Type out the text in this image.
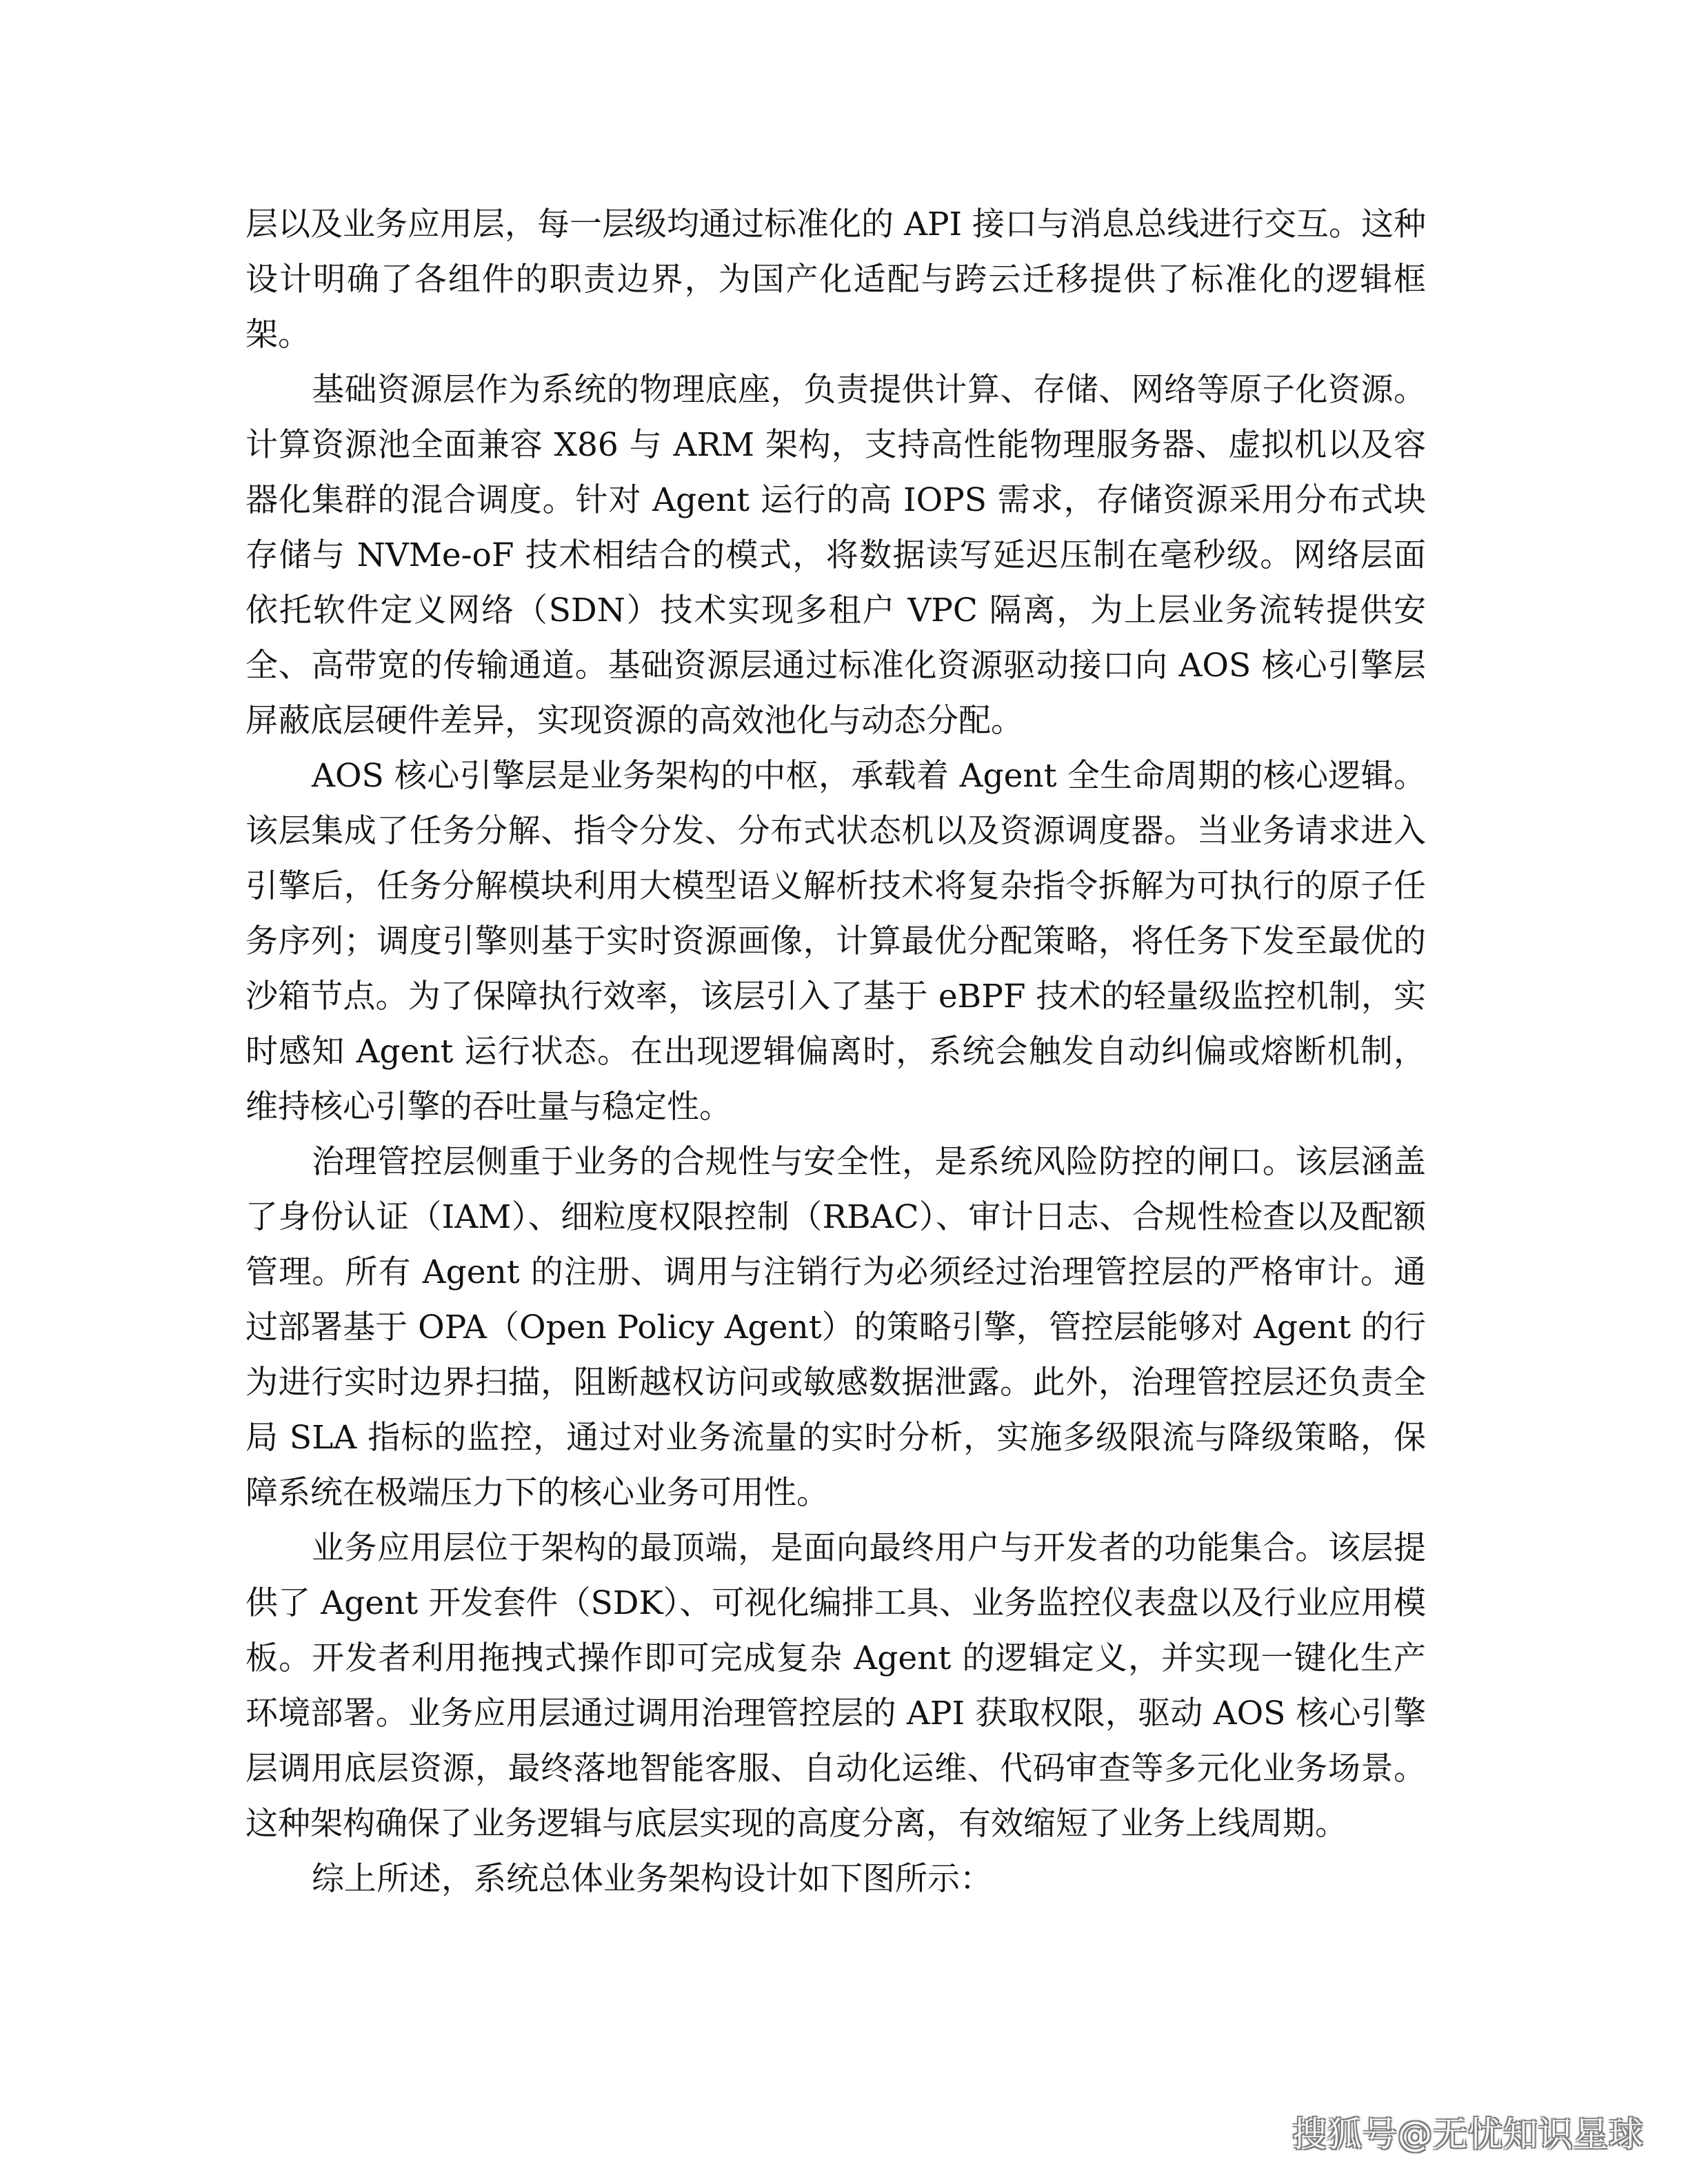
层以及业务应用层，每一层级均通过标准化的 API 接口与消息总线进行交互。这种设计明确了各组件的职责边界，为国产化适配与跨云迁移提供了标准化的逻辑框架。

基础资源层作为系统的物理底座，负责提供计算、存储、网络等原子化资源。计算资源池全面兼容 X86 与 ARM 架构，支持高性能物理服务器、虚拟机以及容器化集群的混合调度。针对 Agent 运行的高 IOPS 需求，存储资源采用分布式块存储与 NVMe-oF 技术相结合的模式，将数据读写延迟压制在毫秒级。网络层面依托软件定义网络（SDN）技术实现多租户 VPC 隔离，为上层业务流转提供安全、高带宽的传输通道。基础资源层通过标准化资源驱动接口向 AOS 核心引擎层屏蔽底层硬件差异，实现资源的高效池化与动态分配。

AOS 核心引擎层是业务架构的中枢，承载着 Agent 全生命周期的核心逻辑。该层集成了任务分解、指令分发、分布式状态机以及资源调度器。当业务请求进入引擎后，任务分解模块利用大模型语义解析技术将复杂指令拆解为可执行的原子任务序列；调度引擎则基于实时资源画像，计算最优分配策略，将任务下发至最优的沙箱节点。为了保障执行效率，该层引入了基于 eBPF 技术的轻量级监控机制，实时感知 Agent 运行状态。在出现逻辑偏离时，系统会触发自动纠偏或熔断机制，维持核心引擎的吞吐量与稳定性。

治理管控层侧重于业务的合规性与安全性，是系统风险防控的闸口。该层涵盖了身份认证（IAM）、细粒度权限控制（RBAC）、审计日志、合规性检查以及配额管理。所有 Agent 的注册、调用与注销行为必须经过治理管控层的严格审计。通过部署基于 OPA（Open Policy Agent）的策略引擎，管控层能够对 Agent 的行为进行实时边界扫描，阻断越权访问或敏感数据泄露。此外，治理管控层还负责全局 SLA 指标的监控，通过对业务流量的实时分析，实施多级限流与降级策略，保障系统在极端压力下的核心业务可用性。

业务应用层位于架构的最顶端，是面向最终用户与开发者的功能集合。该层提供了 Agent 开发套件（SDK）、可视化编排工具、业务监控仪表盘以及行业应用模板。开发者利用拖拽式操作即可完成复杂 Agent 的逻辑定义，并实现一键化生产环境部署。业务应用层通过调用治理管控层的 API 获取权限，驱动 AOS 核心引擎层调用底层资源，最终落地智能客服、自动化运维、代码审查等多元化业务场景。这种架构确保了业务逻辑与底层实现的高度分离，有效缩短了业务上线周期。

综上所述，系统总体业务架构设计如下图所示：

搜狐号@无忧知识星球
